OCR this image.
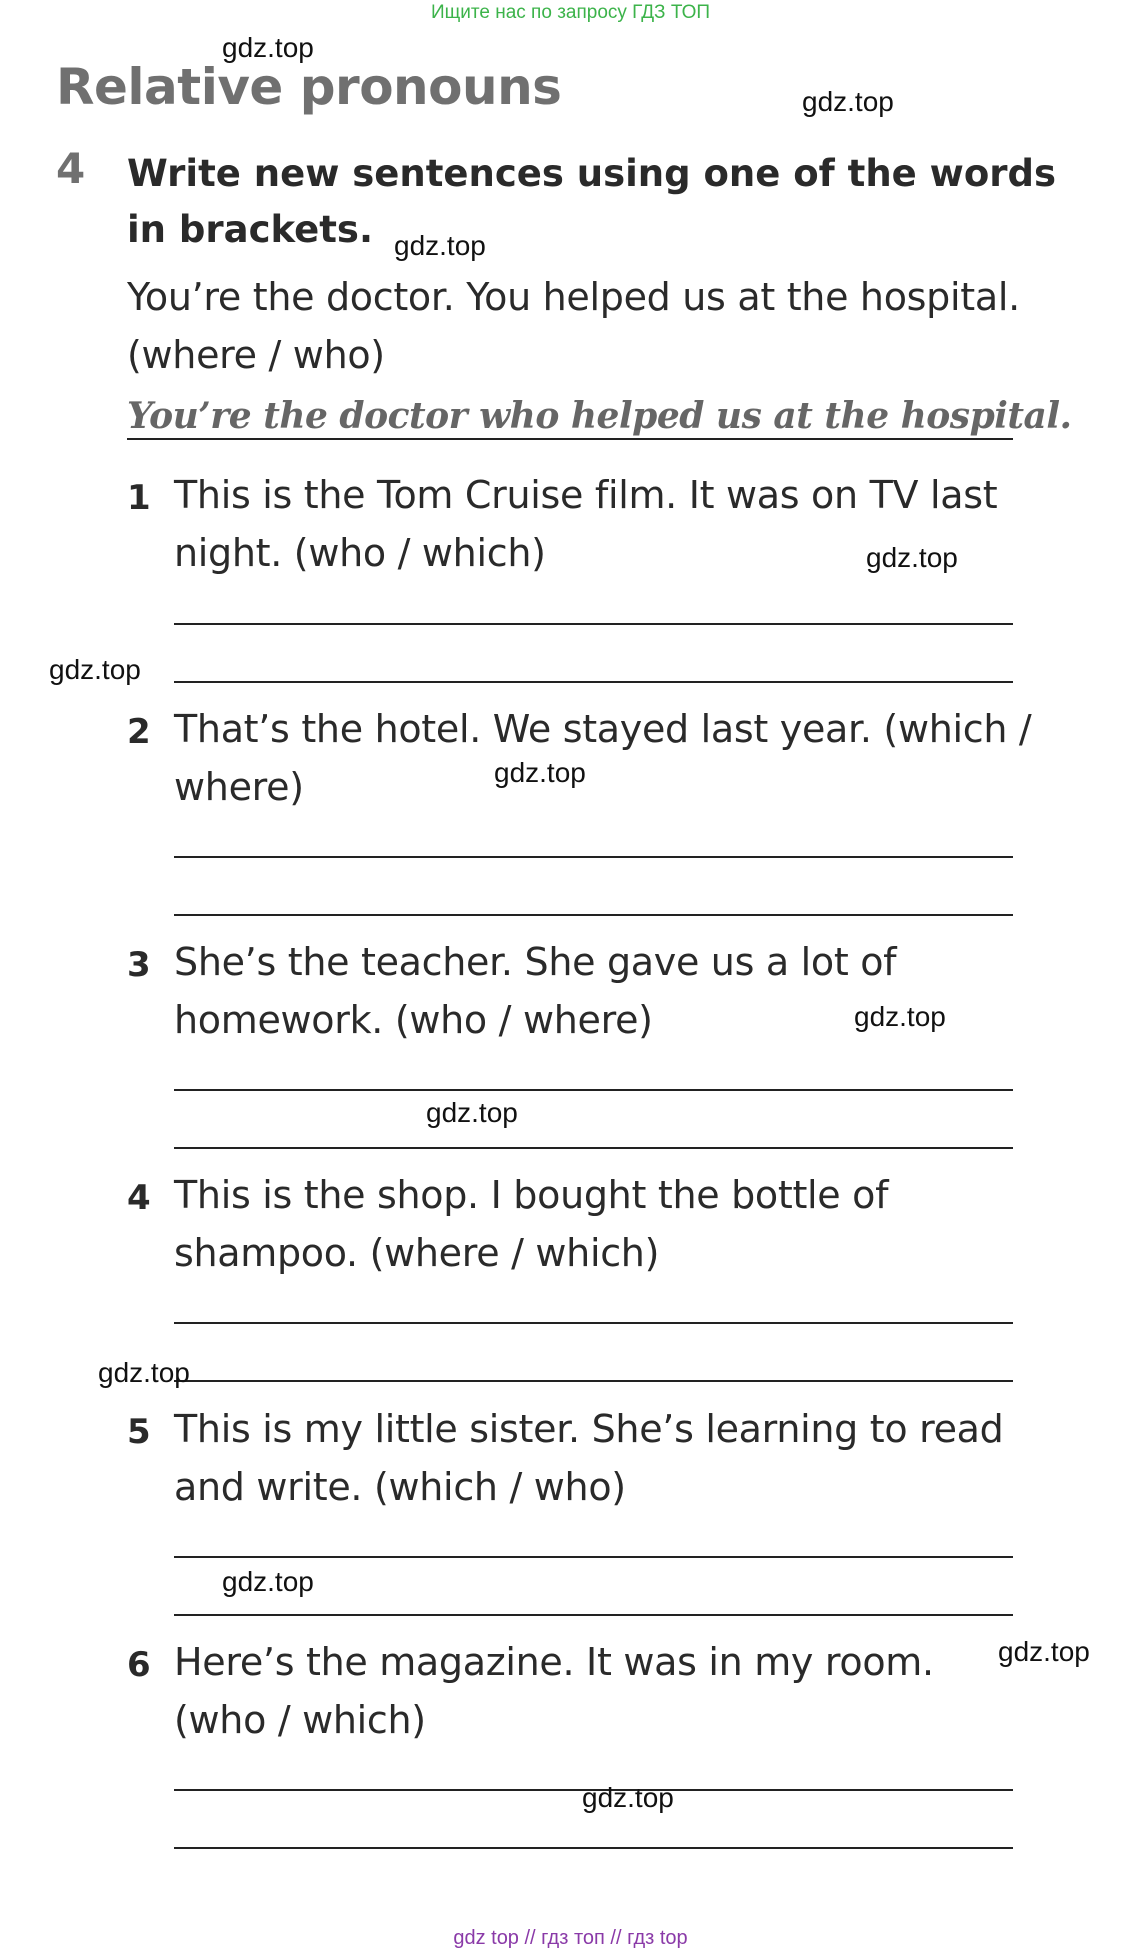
Ищите нас по запросу ГДЗ ТОП
Relative pronouns
4 Write new sentences using one of the words
in brackets.
You’re the doctor. You helped us at the hospital.
(where / who)
You’re the doctor who helped us at the hospital.
1 This is the Tom Cruise film. It was on TV last
night. (who / which)
2 That’s the hotel. We stayed last year. (which /
where)
3 She’s the teacher. She gave us a lot of
homework. (who / where)
4 This is the shop. I bought the bottle of
shampoo. (where / which)
5 This is my little sister. She’s learning to read
and write. (which / who)
6 Here’s the magazine. It was in my room.
(who / which)
gdz.top
gdz.top
gdz.top
gdz.top
gdz.top
gdz.top
gdz.top
gdz.top
gdz.top
gdz.top
gdz.top
gdz.top
gdz top // гдз топ // гдз top
